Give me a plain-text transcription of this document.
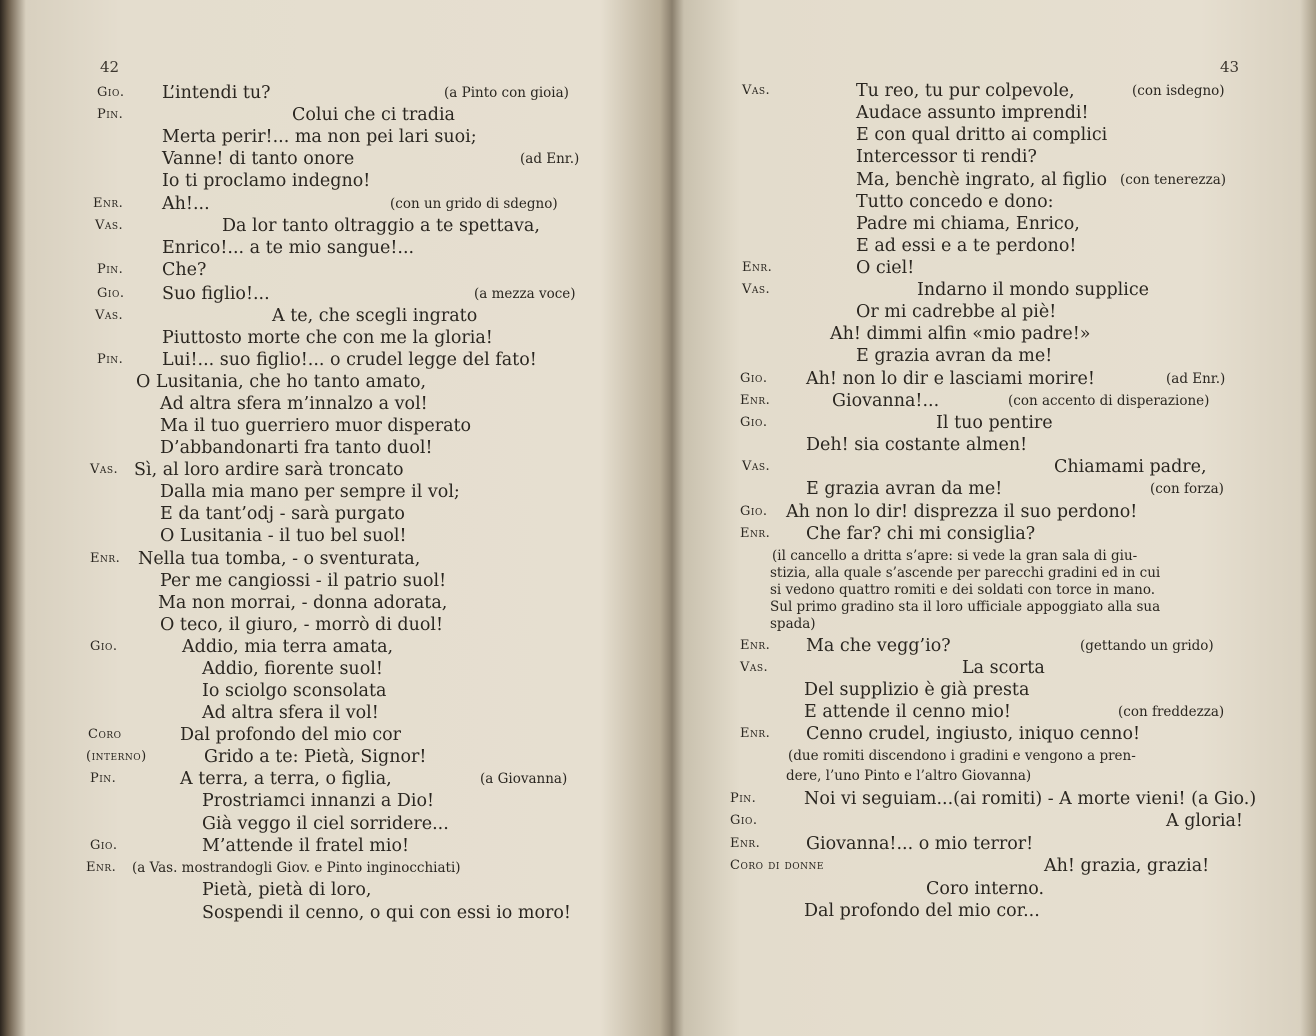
42
Gio. L’intendi tu?	(a Pinto con gioia)
Pin.	Colui che ci tradia
Merta perir!... ma non pei lari suoi;
Vanne! di tanto onore	(ad Enr.)
Io ti proclamo indegno!
Enr. Ah!...	(con un grido di sdegno)
Vas.	Da lor tanto oltraggio a te spettava,
Enrico!... a te mio sangue!...
Pin. Che?
Gio. Suo figlio!...	(a mezza voce)
Vas.	A te, che scegli ingrato
Piuttosto morte che con me la gloria!
Pin. Lui!... suo figlio!... o crudel legge del fato!
O Lusitania, che ho tanto amato,
Ad altra sfera m’innalzo a vol!
Ma il tuo guerriero muor disperato
D’abbandonarti fra tanto duol!
Vas. Sì, al loro ardire sarà troncato
Dalla mia mano per sempre il vol;
E da tant’odj - sarà purgato
O Lusitania - il tuo bel suol!
Enr. Nella tua tomba, - o sventurata,
Per me cangiossi - il patrio suol!
Ma non morrai, - donna adorata,
O teco, il giuro, - morrò di duol!
Gio.	Addio, mia terra amata,
Addio, fiorente suol!
Io sciolgo sconsolata
Ad altra sfera il vol!
Coro	Dal profondo del mio cor
(interno)	Grido a te: Pietà, Signor!
Pin.	A terra, a terra, o figlia,	(a Giovanna)
Prostriamci innanzi a Dio!
Già veggo il ciel sorridere...
Gio.	M’attende il fratel mio!
Enr. (a Vas. mostrandogli Giov. e Pinto inginocchiati)
Pietà, pietà di loro,
Sospendi il cenno, o qui con essi io moro!
43
Vas.	Tu reo, tu pur colpevole,	(con isdegno)
Audace assunto imprendi!
E con qual dritto ai complici
Intercessor ti rendi?
Ma, benchè ingrato, al figlio (con tenerezza)
Tutto concedo e dono:
Padre mi chiama, Enrico,
E ad essi e a te perdono!
Enr.	O ciel!
Vas.	Indarno il mondo supplice
Or mi cadrebbe al piè!
Ah! dimmi alfin «mio padre!»
E grazia avran da me!
Gio. Ah! non lo dir e lasciami morire!	(ad Enr.)
Enr.	Giovanna!...	(con accento di disperazione)
Gio.	Il tuo pentire
Deh! sia costante almen!
Vas.	Chiamami padre,
E grazia avran da me!	(con forza)
Gio. Ah non lo dir! disprezza il suo perdono!
Enr. Che far? chi mi consiglia?
(il cancello a dritta s’apre: si vede la gran sala di giu-
stizia, alla quale s’ascende per parecchi gradini ed in cui
si vedono quattro romiti e dei soldati con torce in mano.
Sul primo gradino sta il loro ufficiale appoggiato alla sua
spada)
Enr. Ma che vegg’io?	(gettando un grido)
Vas.	La scorta
Del supplizio è già presta
E attende il cenno mio!	(con freddezza)
Enr. Cenno crudel, ingiusto, iniquo cenno!
(due romiti discendono i gradini e vengono a pren-
dere, l’uno Pinto e l’altro Giovanna)
Pin.	Noi vi seguiam...(ai romiti) - A morte vieni! (a Gio.)
Gio.	A gloria!
Enr.	Giovanna!... o mio terror!
Coro di donne	Ah! grazia, grazia!
Coro interno.
Dal profondo del mio cor...
